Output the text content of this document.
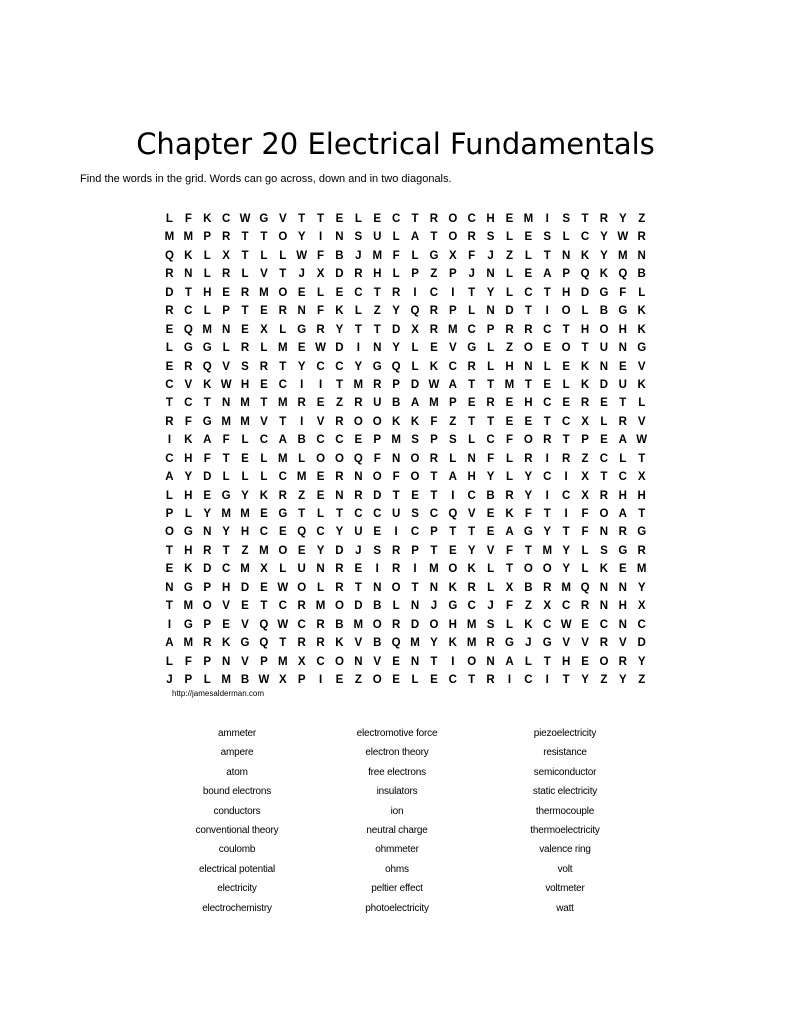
Chapter 20 Electrical Fundamentals
Find the words in the grid. Words can go across, down and in two diagonals.
L	F K C W G V	T	T	E	L	E C T R O C H E M	I	S	T R Y	Z
M M P R T	T O Y	I	N S U L A T O R S	L	E S	L C Y W R
Q K L	X	T	L	L W F B	J M F	L G X	F	J	Z	L	T N K Y M N
R N L R L	V	T	J	X D R H L	P	Z	P	J	N L	E A P Q K Q B
D T H E R M O E	L	E C T R	I	C	I	T	Y	L C T H D G F	L
R C L	P	T	E R N F K L	Z	Y Q R P	L N D T	I	O L B G K
E Q M N E X	L G R Y	T	T D X R M C P R R C T H O H K
L G G L R L M E W D	I	N Y	L	E V G L	Z O E O T U N G
E R Q V S R T	Y C C Y G Q L K C R L H N L	E K N E V
C V K W H E C	I	I	T M R P D W A T	T M T	E	L K D U K
T C T N M T M R E	Z R U B A M P E R E H C E R E	T	L
R F G M M V	T	I	V R O O K K F	Z	T	T	E E	T C X	L R V
I	K A F	L C A B C C E P M S P S	L C F O R T	P E A W
C H F	T	E	L M L O O Q F N O R L N F	L R	I	R Z C L	T
A Y D L	L	L C M E R N O F O T A H Y	L	Y C	I	X	T C X
L H E G Y K R Z	E N R D T	E	T	I	C B R Y	I	C X R H H
P	L	Y M M E G T	L	T C C U S C Q V E K F	T	I	F O A T
O G N Y H C E Q C Y U E	I	C P	T	T	E A G Y	T	F N R G
T H R T	Z M O E Y D	J	S R P	T	E Y V	F	T M Y	L	S G R
E K D C M X	L U N R E	I	R	I	M O K L	T O O Y	L K E M
N G P H D E W O L R T N O T N K R L	X B R M Q N N Y
T M O V E	T C R M O D B L N	J G C	J	F	Z	X C R N H X
I	G P E V Q W C R B M O R D O H M S	L K C W E C N C
A M R K G Q T R R K V B Q M Y K M R G J G V V R V D
L	F	P N V P M X C O N V E N T	I	O N A L	T H E O R Y
J	P	L M B W X P	I	E	Z O E	L	E C T R	I	C	I	T	Y	Z	Y	Z
http://jamesalderman.com
ammeter
ampere
atom
bound electrons
conductors
conventional theory
coulomb
electrical potential
electricity
electrochemistry
electromotive force
electron theory
free electrons
insulators
ion
neutral charge
ohmmeter
ohms
peltier effect
photoelectricity
piezoelectricity
resistance
semiconductor
static electricity
thermocouple
thermoelectricity
valence ring
volt
voltmeter
watt
